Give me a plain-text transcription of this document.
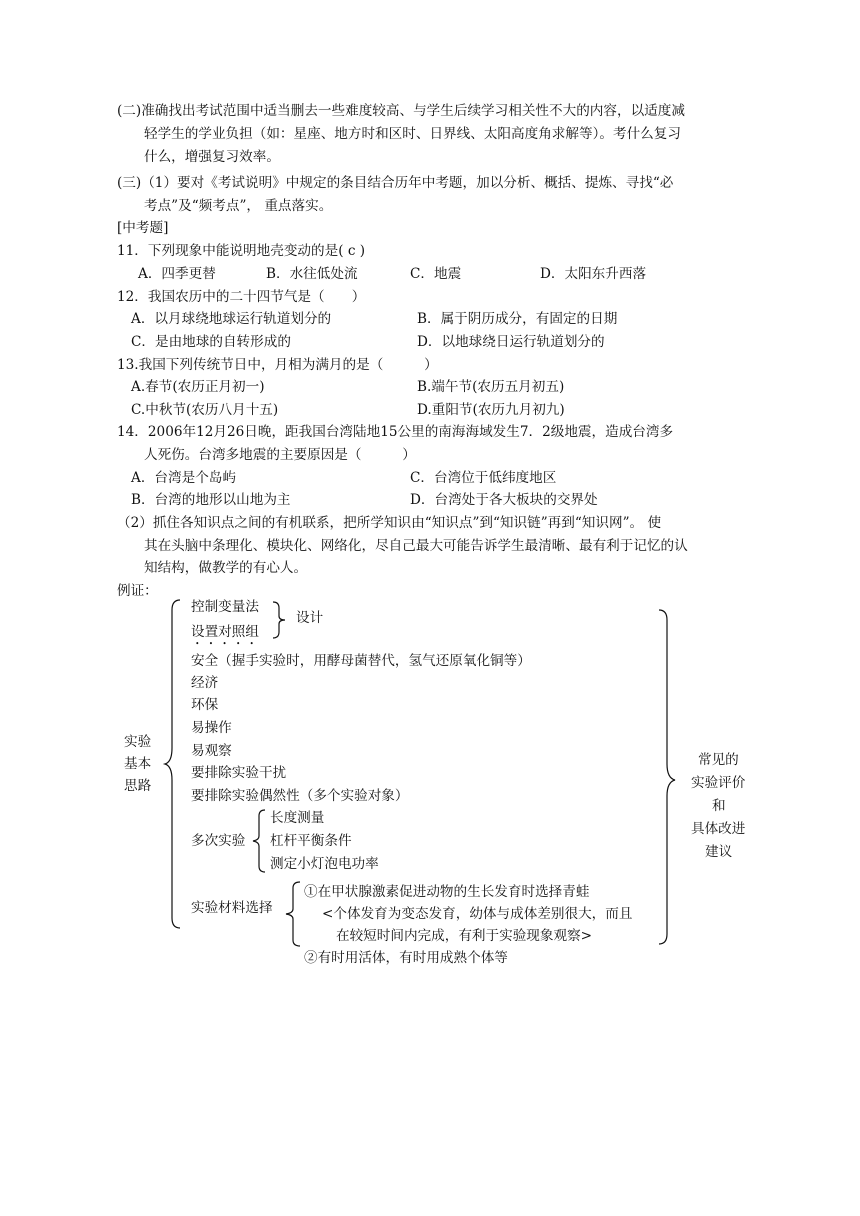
(二)准确找出考试范围中适当删去一些难度较高、与学生后续学习相关性不大的内容，以适度减
轻学生的学业负担（如：星座、地方时和区时、日界线、太阳高度角求解等）。考什么复习
什么，增强复习效率。
(三)（1）要对《考试说明》中规定的条目结合历年中考题，加以分析、概括、提炼、寻找“必
考点”及“频考点”， 重点落实。
[中考题]
11．下列现象中能说明地壳变动的是( c )
A．四季更替	B．水往低处流	C．地震	D．太阳东升西落
12．我国农历中的二十四节气是（　　）
A．以月球绕地球运行轨道划分的	B．属于阴历成分，有固定的日期
C．是由地球的自转形成的	D．以地球绕日运行轨道划分的
13.我国下列传统节日中，月相为满月的是（　　　）
A.春节(农历正月初一)	B.端午节(农历五月初五)
C.中秋节(农历八月十五)	D.重阳节(农历九月初九)
14．2006年12月26日晚，距我国台湾陆地15公里的南海海域发生7．2级地震，造成台湾多
人死伤。台湾多地震的主要原因是（　　　）
A．台湾是个岛屿	C．台湾位于低纬度地区
B．台湾的地形以山地为主	D．台湾处于各大板块的交界处
（2）抓住各知识点之间的有机联系，把所学知识由“知识点”到“知识链”再到“知识网”。 使
其在头脑中条理化、模块化、网络化，尽自己最大可能告诉学生最清晰、最有利于记忆的认
知结构，做教学的有心人。
例证：
实验
基本
思路
控制变量法
设置对照组
设计
安全（握手实验时，用酵母菌替代，氢气还原氧化铜等）
经济
环保
易操作
易观察
要排除实验干扰
要排除实验偶然性（多个实验对象）
多次实验
长度测量
杠杆平衡条件
测定小灯泡电功率
实验材料选择
①在甲状腺激素促进动物的生长发育时选择青蛙
<个体发育为变态发育，幼体与成体差别很大，而且
在较短时间内完成，有利于实验现象观察>
②有时用活体，有时用成熟个体等
常见的
实验评价
和
具体改进
建议
